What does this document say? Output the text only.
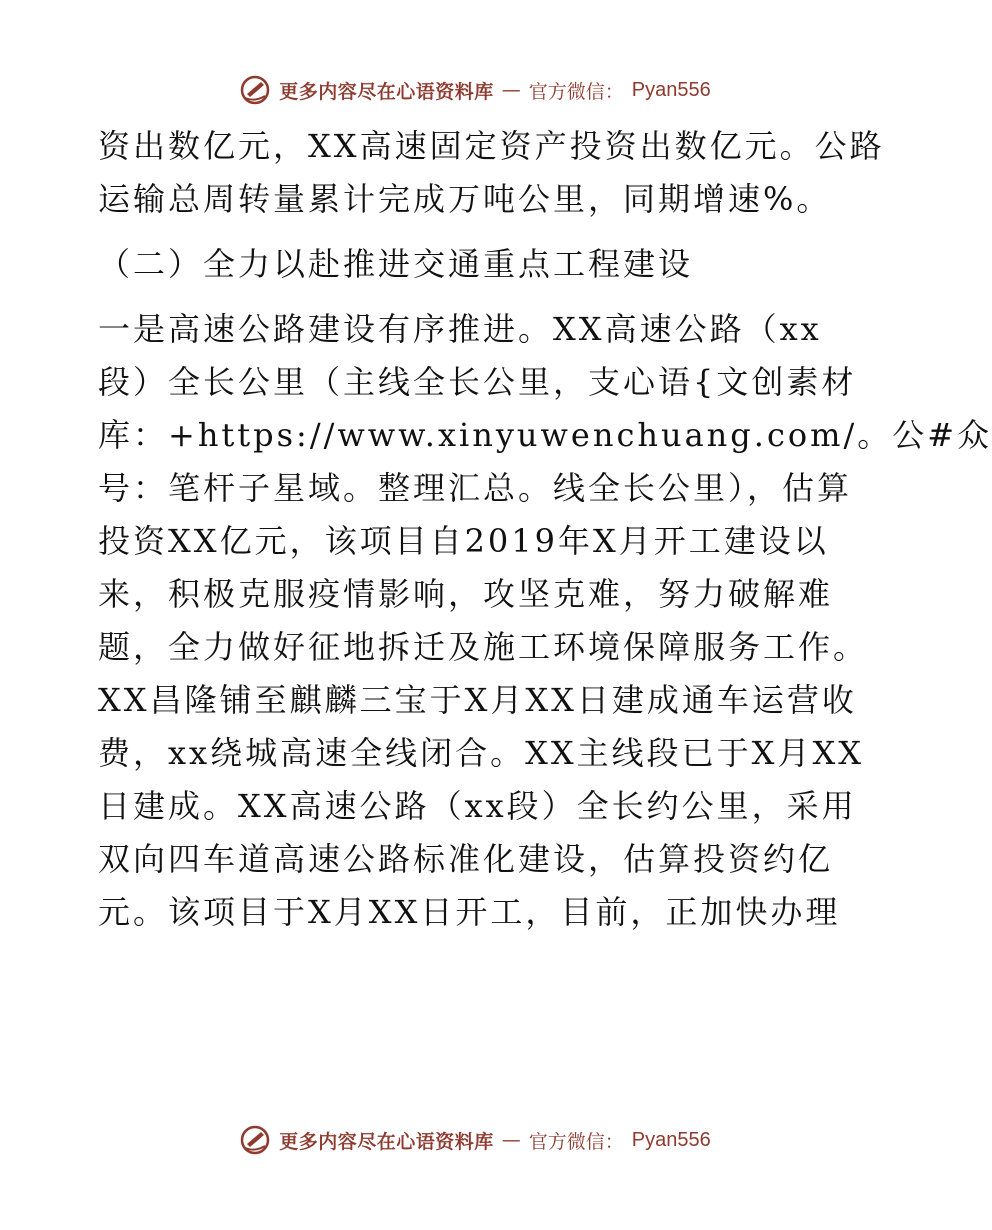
更多内容尽在心语资料库 — 官方微信： Pyan556
资出数亿元，XX高速固定资产投资出数亿元。公路
运输总周转量累计完成万吨公里，同期增速%。
（二）全力以赴推进交通重点工程建设
一是高速公路建设有序推进。XX高速公路（xx
段）全长公里（主线全长公里，支心语{文创素材
库：+https://www.xinyuwenchuang.com/。公#众
号：笔杆子星域。整理汇总。线全长公里），估算
投资XX亿元，该项目自2019年X月开工建设以
来，积极克服疫情影响，攻坚克难，努力破解难
题，全力做好征地拆迁及施工环境保障服务工作。
XX昌隆铺至麒麟三宝于X月XX日建成通车运营收
费，xx绕城高速全线闭合。XX主线段已于X月XX
日建成。XX高速公路（xx段）全长约公里，采用
双向四车道高速公路标准化建设，估算投资约亿
元。该项目于X月XX日开工，目前，正加快办理
更多内容尽在心语资料库 — 官方微信： Pyan556
